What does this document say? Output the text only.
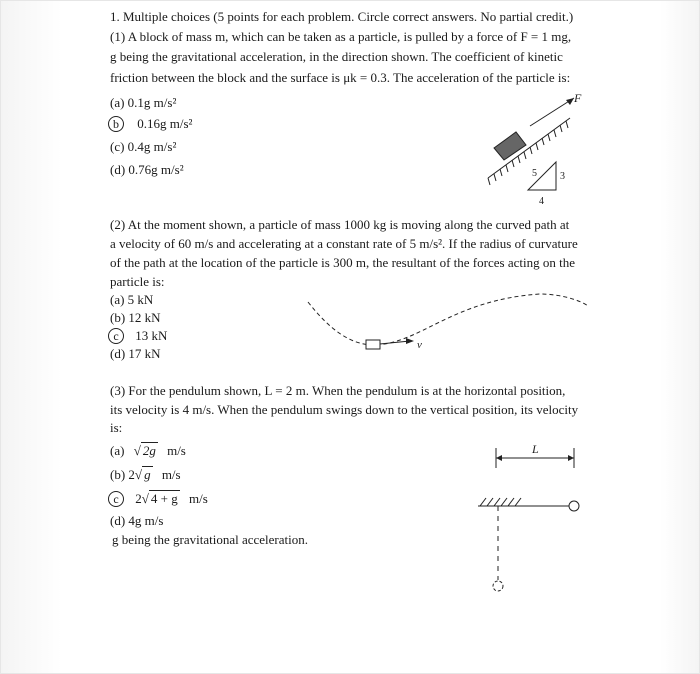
1. Multiple choices (5 points for each problem. Circle correct answers. No partial credit.)
(1) A block of mass m, which can be taken as a particle, is pulled by a force of F = 1 mg,
g being the gravitational acceleration, in the direction shown. The coefficient of kinetic
friction between the block and the surface is μk = 0.3. The acceleration of the particle is:
(a) 0.1g m/s²
b 0.16g m/s²
(c) 0.4g m/s²
(d) 0.76g m/s²
F
5 3
4
(2) At the moment shown, a particle of mass 1000 kg is moving along the curved path at
a velocity of 60 m/s and accelerating at a constant rate of 5 m/s². If the radius of curvature
of the path at the location of the particle is 300 m, the resultant of the forces acting on the
particle is:
(a) 5 kN
(b) 12 kN
c 13 kN
(d) 17 kN
v
(3) For the pendulum shown, L = 2 m. When the pendulum is at the horizontal position,
its velocity is 4 m/s. When the pendulum swings down to the vertical position, its velocity
is:
(a) √ 2g m/s
(b) 2√ g m/s
c 2√ 4 + g m/s
(d) 4g m/s
g being the gravitational acceleration.
L
